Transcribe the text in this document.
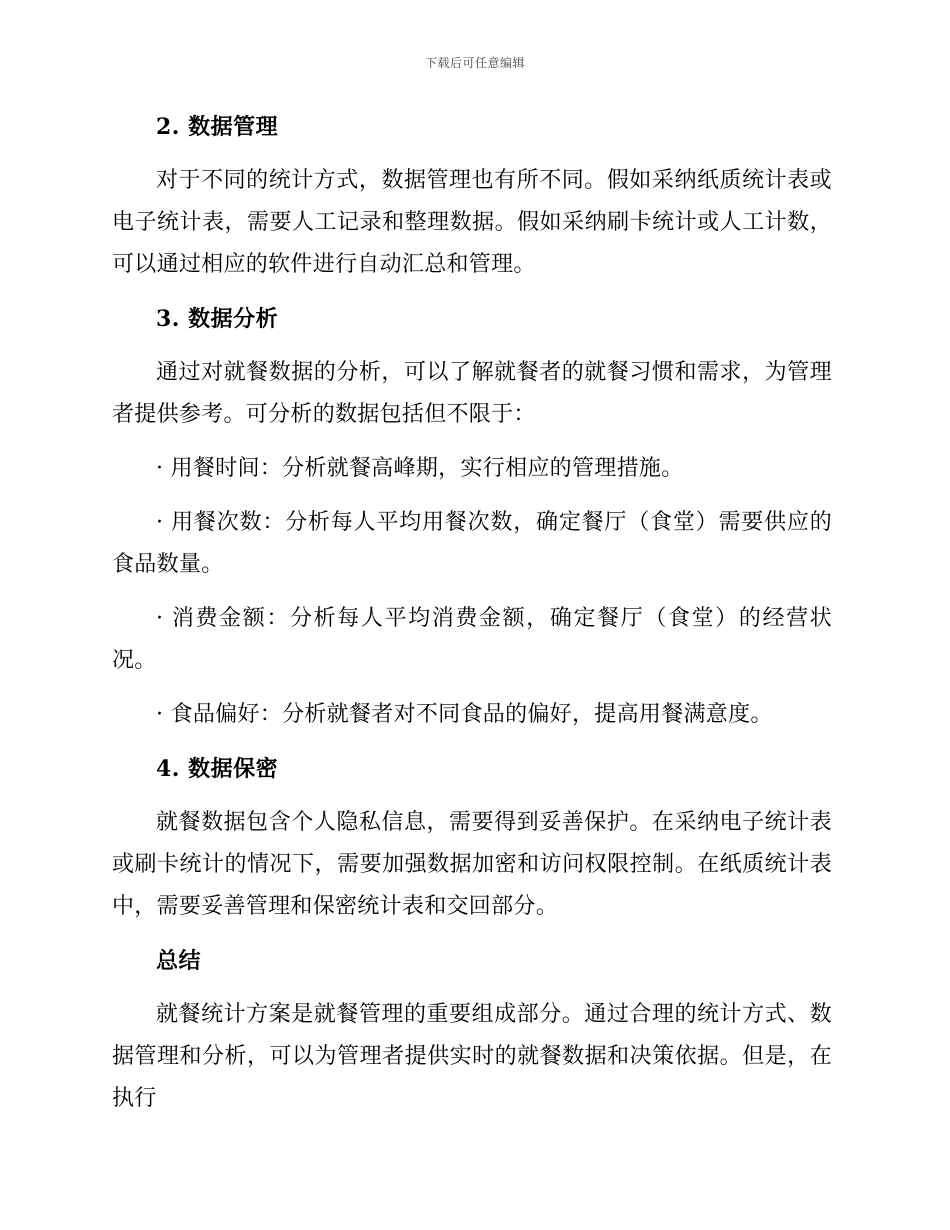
下载后可任意编辑
2. 数据管理

对于不同的统计方式，数据管理也有所不同。假如采纳纸质统计表或电子统计表，需要人工记录和整理数据。假如采纳刷卡统计或人工计数，可以通过相应的软件进行自动汇总和管理。

3. 数据分析

通过对就餐数据的分析，可以了解就餐者的就餐习惯和需求，为管理者提供参考。可分析的数据包括但不限于：

· 用餐时间：分析就餐高峰期，实行相应的管理措施。

· 用餐次数：分析每人平均用餐次数，确定餐厅（食堂）需要供应的食品数量。

· 消费金额：分析每人平均消费金额，确定餐厅（食堂）的经营状况。

· 食品偏好：分析就餐者对不同食品的偏好，提高用餐满意度。

4. 数据保密

就餐数据包含个人隐私信息，需要得到妥善保护。在采纳电子统计表或刷卡统计的情况下，需要加强数据加密和访问权限控制。在纸质统计表中，需要妥善管理和保密统计表和交回部分。

总结

就餐统计方案是就餐管理的重要组成部分。通过合理的统计方式、数据管理和分析，可以为管理者提供实时的就餐数据和决策依据。但是，在执行
